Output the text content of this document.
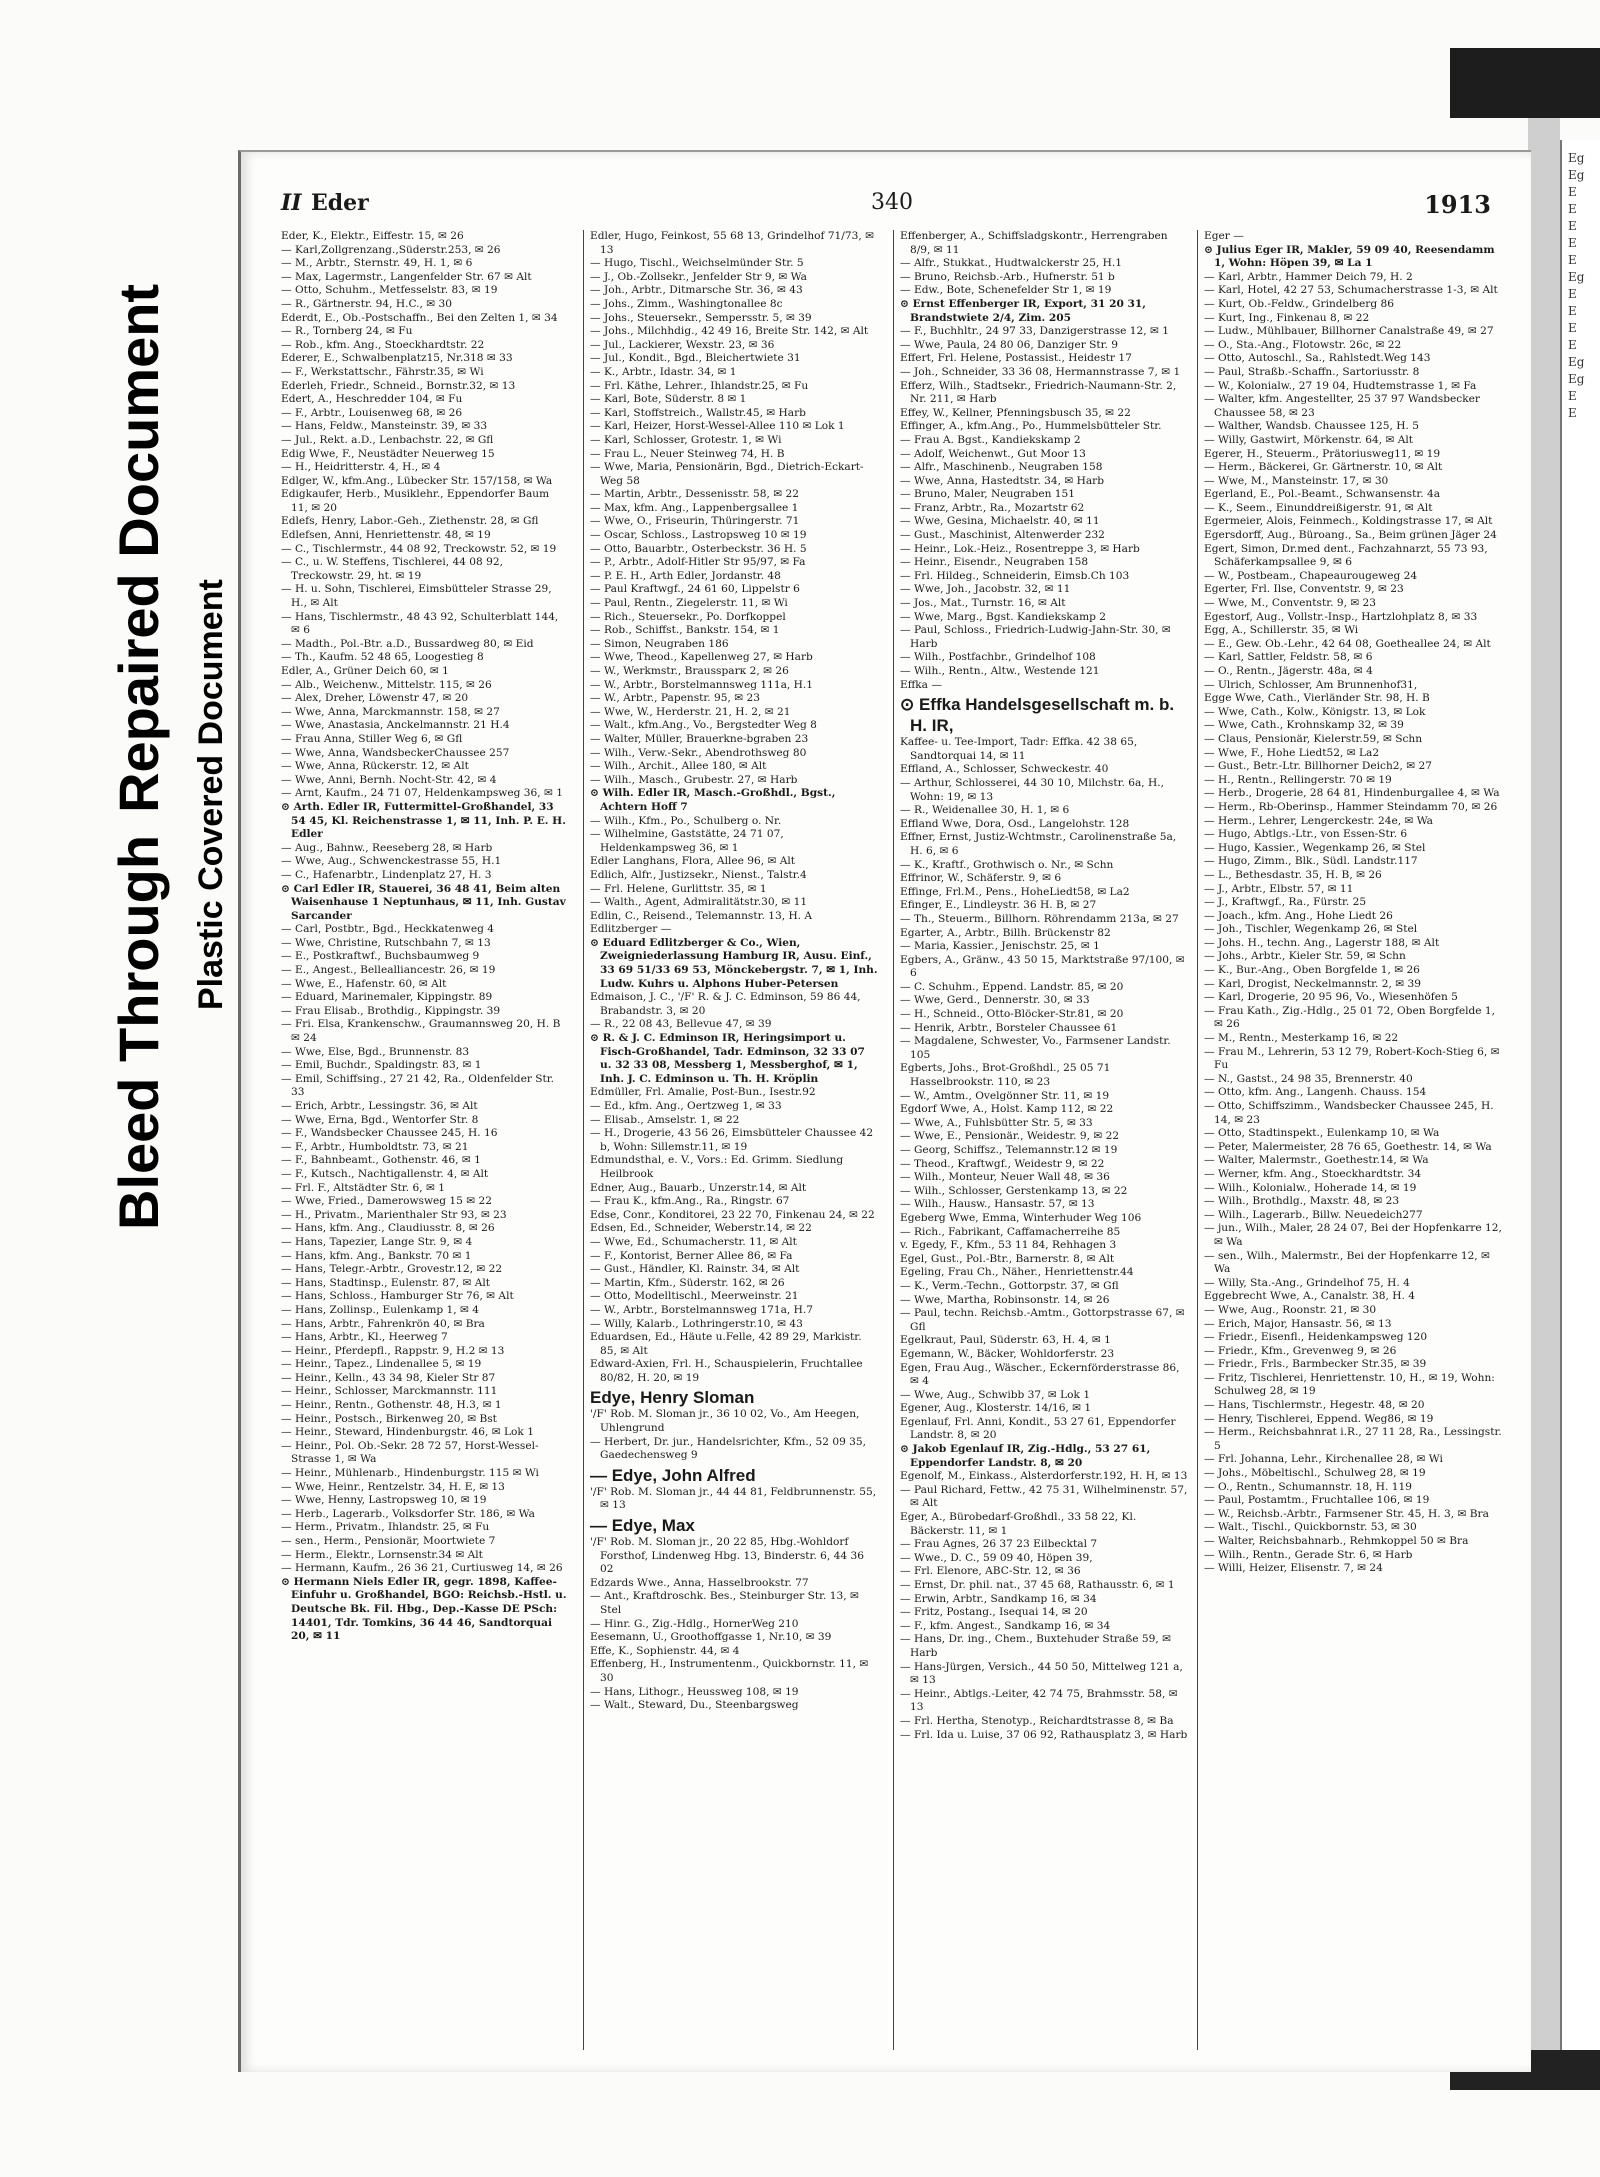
Eg
Eg
E
E
E
E
E
Eg
E
E
E
E
Eg
Eg
E
E
Bleed ThroughRepaired Document Plastic Covered Document
II Eder	340	1913

Eder, K., Elektr., Eiffestr. 15, ✉ 26

— Karl,Zollgrenzang.,Süderstr.253, ✉ 26

— M., Arbtr., Sternstr. 49, H. 1, ✉ 6

— Max, Lagermstr., Langenfelder Str. 67 ✉ Alt

— Otto, Schuhm., Metfesselstr. 83, ✉ 19

— R., Gärtnerstr. 94, H.C., ✉ 30

Ederdt, E., Ob.-Postschaffn., Bei den Zelten 1, ✉ 34

— R., Tornberg 24, ✉ Fu

— Rob., kfm. Ang., Stoeckhardtstr. 22

Ederer, E., Schwalbenplatz15, Nr.318 ✉ 33

— F., Werkstattschr., Fährstr.35, ✉ Wi

Ederleh, Friedr., Schneid., Bornstr.32, ✉ 13

Edert, A., Heschredder 104, ✉ Fu

— F., Arbtr., Louisenweg 68, ✉ 26

— Hans, Feldw., Mansteinstr. 39, ✉ 33

— Jul., Rekt. a.D., Lenbachstr. 22, ✉ Gfl

Edig Wwe, F., Neustädter Neuerweg 15

— H., Heidritterstr. 4, H., ✉ 4

Edlger, W., kfm.Ang., Lübecker Str. 157/158, ✉ Wa

Edigkaufer, Herb., Musiklehr., Eppendorfer Baum 11, ✉ 20

Edlefs, Henry, Labor.-Geh., Ziethenstr. 28, ✉ Gfl

Edlefsen, Anni, Henriettenstr. 48, ✉ 19

— C., Tischlermstr., 44 08 92, Treckowstr. 52, ✉ 19

— C., u. W. Steffens, Tischlerei, 44 08 92, Treckowstr. 29, ht. ✉ 19

— H. u. Sohn, Tischlerei, Eimsbütteler Strasse 29, H., ✉ Alt

— Hans, Tischlermstr., 48 43 92, Schulterblatt 144, ✉ 6

— Madth., Pol.-Btr. a.D., Bussardweg 80, ✉ Eid

— Th., Kaufm. 52 48 65, Loogestieg 8

Edler, A., Grüner Deich 60, ✉ 1

— Alb., Weichenw., Mittelstr. 115, ✉ 26

— Alex, Dreher, Löwenstr 47, ✉ 20

— Wwe, Anna, Marckmannstr. 158, ✉ 27

— Wwe, Anastasia, Anckelmannstr. 21 H.4

— Frau Anna, Stiller Weg 6, ✉ Gfl

— Wwe, Anna, WandsbeckerChaussee 257

— Wwe, Anna, Rückerstr. 12, ✉ Alt

— Wwe, Anni, Bernh. Nocht-Str. 42, ✉ 4

— Arnt, Kaufm., 24 71 07, Heldenkampsweg 36, ✉ 1

⊙ Arth. Edler IR, Futtermittel-Großhandel, 33 54 45, Kl. Reichenstrasse 1, ✉ 11, Inh. P. E. H. Edler

— Aug., Bahnw., Reeseberg 28, ✉ Harb

— Wwe, Aug., Schwenckestrasse 55, H.1

— C., Hafenarbtr., Lindenplatz 27, H. 3

⊙ Carl Edler IR, Stauerei, 36 48 41, Beim alten Waisenhause 1 Neptunhaus, ✉ 11, Inh. Gustav Sarcander

— Carl, Postbtr., Bgd., Heckkatenweg 4

— Wwe, Christine, Rutschbahn 7, ✉ 13

— E., Postkraftwf., Buchsbaumweg 9

— E., Angest., Bellealliancestr. 26, ✉ 19

— Wwe, E., Hafenstr. 60, ✉ Alt

— Eduard, Marinemaler, Kippingstr. 89

— Frau Elisab., Brothdig., Kippingstr. 39

— Fri. Elsa, Krankenschw., Graumannsweg 20, H. B ✉ 24

— Wwe, Else, Bgd., Brunnenstr. 83

— Emil, Buchdr., Spaldingstr. 83, ✉ 1

— Emil, Schiffsing., 27 21 42, Ra., Oldenfelder Str. 33

— Erich, Arbtr., Lessingstr. 36, ✉ Alt

— Wwe, Erna, Bgd., Wentorfer Str. 8

— F., Wandsbecker Chaussee 245, H. 16

— F., Arbtr., Humboldtstr. 73, ✉ 21

— F., Bahnbeamt., Gothenstr. 46, ✉ 1

— F., Kutsch., Nachtigallenstr. 4, ✉ Alt

— Frl. F., Altstädter Str. 6, ✉ 1

— Wwe, Fried., Damerowsweg 15 ✉ 22

— H., Privatm., Marienthaler Str 93, ✉ 23

— Hans, kfm. Ang., Claudiusstr. 8, ✉ 26

— Hans, Tapezier, Lange Str. 9, ✉ 4

— Hans, kfm. Ang., Bankstr. 70 ✉ 1

— Hans, Telegr.-Arbtr., Grovestr.12, ✉ 22

— Hans, Stadtinsp., Eulenstr. 87, ✉ Alt

— Hans, Schloss., Hamburger Str 76, ✉ Alt

— Hans, Zollinsp., Eulenkamp 1, ✉ 4

— Hans, Arbtr., Fahrenkrön 40, ✉ Bra

— Hans, Arbtr., Kl., Heerweg 7

— Heinr., Pferdepfl., Rappstr. 9, H.2 ✉ 13

— Heinr., Tapez., Lindenallee 5, ✉ 19

— Heinr., Kelln., 43 34 98, Kieler Str 87

— Heinr., Schlosser, Marckmannstr. 111

— Heinr., Rentn., Gothenstr. 48, H.3, ✉ 1

— Heinr., Postsch., Birkenweg 20, ✉ Bst

— Heinr., Steward, Hindenburgstr. 46, ✉ Lok 1

— Heinr., Pol. Ob.-Sekr. 28 72 57, Horst-Wessel-Strasse 1, ✉ Wa

— Heinr., Mühlenarb., Hindenburgstr. 115 ✉ Wi

— Wwe, Heinr., Rentzelstr. 34, H. E, ✉ 13

— Wwe, Henny, Lastropsweg 10, ✉ 19

— Herb., Lagerarb., Volksdorfer Str. 186, ✉ Wa

— Herm., Privatm., Ihlandstr. 25, ✉ Fu

— sen., Herm., Pensionär, Moortwiete 7

— Herm., Elektr., Lornsenstr.34 ✉ Alt

— Hermann, Kaufm., 26 36 21, Curtiusweg 14, ✉ 26

⊙ Hermann Niels Edler IR, gegr. 1898, Kaffee-Einfuhr u. Großhandel, BGO: Reichsb.-Hstl. u. Deutsche Bk. Fil. Hbg., Dep.-Kasse DE PSch: 14401, Tdr. Tomkins, 36 44 46, Sandtorquai 20, ✉ 11

Edler, Hugo, Feinkost, 55 68 13, Grindelhof 71/73, ✉ 13

— Hugo, Tischl., Weichselmünder Str. 5

— J., Ob.-Zollsekr., Jenfelder Str 9, ✉ Wa

— Joh., Arbtr., Ditmarsche Str. 36, ✉ 43

— Johs., Zimm., Washingtonallee 8c

— Johs., Steuersekr., Sempersstr. 5, ✉ 39

— Johs., Milchhdig., 42 49 16, Breite Str. 142, ✉ Alt

— Jul., Lackierer, Wexstr. 23, ✉ 36

— Jul., Kondit., Bgd., Bleichertwiete 31

— K., Arbtr., Idastr. 34, ✉ 1

— Frl. Käthe, Lehrer., Ihlandstr.25, ✉ Fu

— Karl, Bote, Süderstr. 8 ✉ 1

— Karl, Stoffstreich., Wallstr.45, ✉ Harb

— Karl, Heizer, Horst-Wessel-Allee 110 ✉ Lok 1

— Karl, Schlosser, Grotestr. 1, ✉ Wi

— Frau L., Neuer Steinweg 74, H. B

— Wwe, Maria, Pensionärin, Bgd., Dietrich-Eckart-Weg 58

— Martin, Arbtr., Dessenisstr. 58, ✉ 22

— Max, kfm. Ang., Lappenbergsallee 1

— Wwe, O., Friseurin, Thüringerstr. 71

— Oscar, Schloss., Lastropsweg 10 ✉ 19

— Otto, Bauarbtr., Osterbeckstr. 36 H. 5

— P., Arbtr., Adolf-Hitler Str 95/97, ✉ Fa

— P. E. H., Arth Edler, Jordanstr. 48

— Paul Kraftwgf., 24 61 60, Lippelstr 6

— Paul, Rentn., Ziegelerstr. 11, ✉ Wi

— Rich., Steuersekr., Po. Dorfkoppel

— Rob., Schiffst., Bankstr. 154, ✉ 1

— Simon, Neugraben 186

— Wwe, Theod., Kapellenweg 27, ✉ Harb

— W., Werkmstr., Braussparк 2, ✉ 26

— W., Arbtr., Borstelmannsweg 111a, H.1

— W., Arbtr., Papenstr. 95, ✉ 23

— Wwe, W., Herderstr. 21, H. 2, ✉ 21

— Walt., kfm.Ang., Vo., Bergstedter Weg 8

— Walter, Müller, Brauerkne-bgraben 23

— Wilh., Verw.-Sekr., Abendrothsweg 80

— Wilh., Archit., Allee 180, ✉ Alt

— Wilh., Masch., Grubestr. 27, ✉ Harb

⊙ Wilh. Edler IR, Masch.-Großhdl., Bgst., Achtern Hoff 7

— Wilh., Kfm., Po., Schulberg o. Nr.

— Wilhelmine, Gaststätte, 24 71 07, Heldenkampsweg 36, ✉ 1

Edler Langhans, Flora, Allee 96, ✉ Alt

Edlich, Alfr., Justizsekr., Nienst., Talstr.4

— Frl. Helene, Gurlittstr. 35, ✉ 1

— Walth., Agent, Admiralitätstr.30, ✉ 11

Edlin, C., Reisend., Telemannstr. 13, H. A

Edlitzberger —

⊙ Eduard Edlitzberger & Co., Wien, Zweigniederlassung Hamburg IR, Ausu. Einf., 33 69 51/33 69 53, Mönckebergstr. 7, ✉ 1, Inh. Ludw. Kuhrs u. Alphons Huber-Petersen

Edmaison, J. C., '/F' R. & J. C. Edminson, 59 86 44, Brabandstr. 3, ✉ 20

— R., 22 08 43, Bellevue 47, ✉ 39

⊙ R. & J. C. Edminson IR, Heringsimport u. Fisch-Großhandel, Tadr. Edminson, 32 33 07 u. 32 33 08, Messberg 1, Messberghof, ✉ 1, Inh. J. C. Edminson u. Th. H. Kröplin

Edmüller, Frl. Amalie, Post-Bun., Isestr.92

— Ed., kfm. Ang., Oertzweg 1, ✉ 33

— Elisab., Amselstr. 1, ✉ 22

— H., Drogerie, 43 56 26, Eimsbütteler Chaussee 42 b, Wohn: Sillemstr.11, ✉ 19

Edmundsthal, e. V., Vors.: Ed. Grimm. Siedlung Heilbrook

Edner, Aug., Bauarb., Unzerstr.14, ✉ Alt

— Frau K., kfm.Ang., Ra., Ringstr. 67

Edse, Conr., Konditorei, 23 22 70, Finkenau 24, ✉ 22

Edsen, Ed., Schneider, Weberstr.14, ✉ 22

— Wwe, Ed., Schumacherstr. 11, ✉ Alt

— F., Kontorist, Berner Allee 86, ✉ Fa

— Gust., Händler, Kl. Rainstr. 34, ✉ Alt

— Martin, Kfm., Süderstr. 162, ✉ 26

— Otto, Modelltischl., Meerweinstr. 21

— W., Arbtr., Borstelmannsweg 171a, H.7

— Willy, Kalarb., Lothringerstr.10, ✉ 43

Eduardsen, Ed., Häute u.Felle, 42 89 29, Markistr. 85, ✉ Alt

Edward-Axien, Frl. H., Schauspielerin, Fruchtallee 80/82, H. 20, ✉ 19

Edye, Henry Sloman

'/F' Rob. M. Sloman jr., 36 10 02, Vo., Am Heegen, Uhlengrund

— Herbert, Dr. jur., Handelsrichter, Kfm., 52 09 35, Gaedechensweg 9

— Edye, John Alfred

'/F' Rob. M. Sloman jr., 44 44 81, Feldbrunnenstr. 55, ✉ 13

— Edye, Max

'/F' Rob. M. Sloman jr., 20 22 85, Hbg.-Wohldorf Forsthof, Lindenweg Hbg. 13, Binderstr. 6, 44 36 02

Edzards Wwe., Anna, Hasselbrookstr. 77

— Ant., Kraftdroschk. Bes., Steinburger Str. 13, ✉ Stel

— Hinr. G., Zig.-Hdlg., HornerWeg 210

Eesemann, U., Groothoffgasse 1, Nr.10, ✉ 39

Effe, K., Sophienstr. 44, ✉ 4

Effenberg, H., Instrumentenm., Quickbornstr. 11, ✉ 30

— Hans, Lithogr., Heussweg 108, ✉ 19

— Walt., Steward, Du., Steenbargsweg

Effenberger, A., Schiffsladgskontr., Herrengraben 8/9, ✉ 11

— Alfr., Stukkat., Hudtwalckerstr 25, H.1

— Bruno, Reichsb.-Arb., Hufnerstr. 51 b

— Edw., Bote, Schenefelder Str 1, ✉ 19

⊙ Ernst Effenberger IR, Export, 31 20 31, Brandstwiete 2/4, Zim. 205

— F., Buchhltr., 24 97 33, Danzigerstrasse 12, ✉ 1

— Wwe, Paula, 24 80 06, Danziger Str. 9

Effert, Frl. Helene, Postassist., Heidestr 17

— Joh., Schneider, 33 36 08, Hermannstrasse 7, ✉ 1

Efferz, Wilh., Stadtsekr., Friedrich-Naumann-Str. 2, Nr. 211, ✉ Harb

Effey, W., Kellner, Pfenningsbusch 35, ✉ 22

Effinger, A., kfm.Ang., Po., Hummelsbütteler Str.

— Frau A. Bgst., Kandiekskamp 2

— Adolf, Weichenwt., Gut Moor 13

— Alfr., Maschinenb., Neugraben 158

— Wwe, Anna, Hastedtstr. 34, ✉ Harb

— Bruno, Maler, Neugraben 151

— Franz, Arbtr., Ra., Mozartstr 62

— Wwe, Gesina, Michaelstr. 40, ✉ 11

— Gust., Maschinist, Altenwerder 232

— Heinr., Lok.-Heiz., Rosentreppe 3, ✉ Harb

— Heinr., Eisendr., Neugraben 158

— Frl. Hildeg., Schneiderin, Eimsb.Ch 103

— Wwe, Joh., Jacobstr. 32, ✉ 11

— Jos., Mat., Turnstr. 16, ✉ Alt

— Wwe, Marg., Bgst. Kandiekskamp 2

— Paul, Schloss., Friedrich-Ludwig-Jahn-Str. 30, ✉ Harb

— Wilh., Postfachbr., Grindelhof 108

— Wilh., Rentn., Altw., Westende 121

Effka —

⊙ Effka Handelsgesellschaft m. b. H. IR,

Kaffee- u. Tee-Import, Tadr: Effka. 42 38 65, Sandtorquai 14, ✉ 11

Effland, A., Schlosser, Schweckestr. 40

— Arthur, Schlosserei, 44 30 10, Milchstr. 6a, H., Wohn: 19, ✉ 13

— R., Weidenallee 30, H. 1, ✉ 6

Effland Wwe, Dora, Osd., Langelohstr. 128

Effner, Ernst, Justiz-Wchtmstr., Carolinenstraße 5a, H. 6, ✉ 6

— K., Kraftf., Grothwisch o. Nr., ✉ Schn

Effrinor, W., Schäferstr. 9, ✉ 6

Effinge, Frl.M., Pens., HoheLiedt58, ✉ La2

Efinger, E., Lindleystr. 36 H. B, ✉ 27

— Th., Steuerm., Billhorn. Röhrendamm 213a, ✉ 27

Egarter, A., Arbtr., Billh. Brückenstr 82

— Maria, Kassier., Jenischstr. 25, ✉ 1

Egbers, A., Gränw., 43 50 15, Marktstraße 97/100, ✉ 6

— C. Schuhm., Eppend. Landstr. 85, ✉ 20

— Wwe, Gerd., Dennerstr. 30, ✉ 33

— H., Schneid., Otto-Blöcker-Str.81, ✉ 20

— Henrik, Arbtr., Borsteler Chaussee 61

— Magdalene, Schwester, Vo., Farmsener Landstr. 105

Egberts, Johs., Brot-Großhdl., 25 05 71 Hasselbrookstr. 110, ✉ 23

— W., Amtm., Ovelgönner Str. 11, ✉ 19

Egdorf Wwe, A., Holst. Kamp 112, ✉ 22

— Wwe, A., Fuhlsbütter Str. 5, ✉ 33

— Wwe, E., Pensionär., Weidestr. 9, ✉ 22

— Georg, Schiffsz., Telemannstr.12 ✉ 19

— Theod., Kraftwgf., Weidestr 9, ✉ 22

— Wilh., Monteur, Neuer Wall 48, ✉ 36

— Wilh., Schlosser, Gerstenkamp 13, ✉ 22

— Wilh., Hausw., Hansastr. 57, ✉ 13

Egeberg Wwe, Emma, Winterhuder Weg 106

— Rich., Fabrikant, Caffamacherreihe 85

v. Egedy, F., Kfm., 53 11 84, Rehhagen 3

Egel, Gust., Pol.-Btr., Barnerstr. 8, ✉ Alt

Egeling, Frau Ch., Näher., Henriettenstr.44

— K., Verm.-Techn., Gottorpstr. 37, ✉ Gfl

— Wwe, Martha, Robinsonstr. 14, ✉ 26

— Paul, techn. Reichsb.-Amtm., Gottorpstrasse 67, ✉ Gfl

Egelkraut, Paul, Süderstr. 63, H. 4, ✉ 1

Egemann, W., Bäcker, Wohldorferstr. 23

Egen, Frau Aug., Wäscher., Eckernförderstrasse 86, ✉ 4

— Wwe, Aug., Schwibb 37, ✉ Lok 1

Egener, Aug., Klosterstr. 14/16, ✉ 1

Egenlauf, Frl. Anni, Kondit., 53 27 61, Eppendorfer Landstr. 8, ✉ 20

⊙ Jakob Egenlauf IR, Zig.-Hdlg., 53 27 61, Eppendorfer Landstr. 8, ✉ 20

Egenolf, M., Einkass., Alsterdorferstr.192, H. H, ✉ 13

— Paul Richard, Fettw., 42 75 31, Wilhelminenstr. 57, ✉ Alt

Eger, A., Bürobedarf-Großhdl., 33 58 22, Kl. Bäckerstr. 11, ✉ 1

— Frau Agnes, 26 37 23 Eilbecktal 7

— Wwe., D. C., 59 09 40, Höpen 39,

— Frl. Elenore, ABC-Str. 12, ✉ 36

— Ernst, Dr. phil. nat., 37 45 68, Rathausstr. 6, ✉ 1

— Erwin, Arbtr., Sandkamp 16, ✉ 34

— Fritz, Postang., Isequai 14, ✉ 20

— F., kfm. Angest., Sandkamp 16, ✉ 34

— Hans, Dr. ing., Chem., Buxtehuder Straße 59, ✉ Harb

— Hans-Jürgen, Versich., 44 50 50, Mittelweg 121 a, ✉ 13

— Heinr., Abtlgs.-Leiter, 42 74 75, Brahmsstr. 58, ✉ 13

— Frl. Hertha, Stenotyp., Reichardtstrasse 8, ✉ Ba

— Frl. Ida u. Luise, 37 06 92, Rathausplatz 3, ✉ Harb

Eger —

⊙ Julius Eger IR, Makler, 59 09 40, Reesendamm 1, Wohn: Höpen 39, ✉ La 1

— Karl, Arbtr., Hammer Deich 79, H. 2

— Karl, Hotel, 42 27 53, Schumacherstrasse 1-3, ✉ Alt

— Kurt, Ob.-Feldw., Grindelberg 86

— Kurt, Ing., Finkenau 8, ✉ 22

— Ludw., Mühlbauer, Billhorner Canalstraße 49, ✉ 27

— O., Sta.-Ang., Flotowstr. 26c, ✉ 22

— Otto, Autoschl., Sa., Rahlstedt.Weg 143

— Paul, Straßb.-Schaffn., Sartoriusstr. 8

— W., Kolonialw., 27 19 04, Hudtemstrasse 1, ✉ Fa

— Walter, kfm. Angestellter, 25 37 97 Wandsbecker Chaussee 58, ✉ 23

— Walther, Wandsb. Chaussee 125, H. 5

— Willy, Gastwirt, Mörkenstr. 64, ✉ Alt

Egerer, H., Steuerm., Prätoriusweg11, ✉ 19

— Herm., Bäckerei, Gr. Gärtnerstr. 10, ✉ Alt

— Wwe, M., Mansteinstr. 17, ✉ 30

Egerland, E., Pol.-Beamt., Schwansenstr. 4a

— K., Seem., Einunddreißigerstr. 91, ✉ Alt

Egermeier, Alois, Feinmech., Koldingstrasse 17, ✉ Alt

Egersdorff, Aug., Büroang., Sa., Beim grünen Jäger 24

Egert, Simon, Dr.med dent., Fachzahnarzt, 55 73 93, Schäferkampsallee 9, ✉ 6

— W., Postbeam., Chapeaurougeweg 24

Egerter, Frl. Ilse, Conventstr. 9, ✉ 23

— Wwe, M., Conventstr. 9, ✉ 23

Egestorf, Aug., Vollstr.-Insp., Hartzlohplatz 8, ✉ 33

Egg, A., Schillerstr. 35, ✉ Wi

— E., Gew. Ob.-Lehr., 42 64 08, Goetheallee 24, ✉ Alt

— Karl, Sattler, Feldstr. 58, ✉ 6

— O., Rentn., Jägerstr. 48a, ✉ 4

— Ulrich, Schlosser, Am Brunnenhof31,

Egge Wwe, Cath., Vierländer Str. 98, H. B

— Wwe, Cath., Kolw., Königstr. 13, ✉ Lok

— Wwe, Cath., Krohnskamp 32, ✉ 39

— Claus, Pensionär, Kielerstr.59, ✉ Schn

— Wwe, F., Hohe Liedt52, ✉ La2

— Gust., Betr.-Ltr. Billhorner Deich2, ✉ 27

— H., Rentn., Rellingerstr. 70 ✉ 19

— Herb., Drogerie, 28 64 81, Hindenburgallee 4, ✉ Wa

— Herm., Rb-Oberinsp., Hammer Steindamm 70, ✉ 26

— Herm., Lehrer, Lengerckestr. 24e, ✉ Wa

— Hugo, Abtlgs.-Ltr., von Essen-Str. 6

— Hugo, Kassier., Wegenkamp 26, ✉ Stel

— Hugo, Zimm., Blk., Südl. Landstr.117

— L., Bethesdastr. 35, H. B, ✉ 26

— J., Arbtr., Elbstr. 57, ✉ 11

— J., Kraftwgf., Ra., Fürstr. 25

— Joach., kfm. Ang., Hohe Liedt 26

— Joh., Tischler, Wegenkamp 26, ✉ Stel

— Johs. H., techn. Ang., Lagerstr 188, ✉ Alt

— Johs., Arbtr., Kieler Str. 59, ✉ Schn

— K., Bur.-Ang., Oben Borgfelde 1, ✉ 26

— Karl, Drogist, Neckelmannstr. 2, ✉ 39

— Karl, Drogerie, 20 95 96, Vo., Wiesenhöfen 5

— Frau Kath., Zig.-Hdlg., 25 01 72, Oben Borgfelde 1, ✉ 26

— M., Rentn., Mesterkamp 16, ✉ 22

— Frau M., Lehrerin, 53 12 79, Robert-Koch-Stieg 6, ✉ Fu

— N., Gastst., 24 98 35, Brennerstr. 40

— Otto, kfm. Ang., Langenh. Chauss. 154

— Otto, Schiffszimm., Wandsbecker Chaussee 245, H. 14, ✉ 23

— Otto, Stadtinspekt., Eulenkamp 10, ✉ Wa

— Peter, Malermeister, 28 76 65, Goethestr. 14, ✉ Wa

— Walter, Malermstr., Goethestr.14, ✉ Wa

— Werner, kfm. Ang., Stoeckhardtstr. 34

— Wilh., Kolonialw., Hoheradе 14, ✉ 19

— Wilh., Brothdlg., Maxstr. 48, ✉ 23

— Wilh., Lagerarb., Billw. Neuedeich277

— jun., Wilh., Maler, 28 24 07, Bei der Hopfenkarre 12, ✉ Wa

— sen., Wilh., Malermstr., Bei der Hopfenkarre 12, ✉ Wa

— Willy, Sta.-Ang., Grindelhof 75, H. 4

Eggebrecht Wwe, A., Canalstr. 38, H. 4

— Wwe, Aug., Roonstr. 21, ✉ 30

— Erich, Major, Hansastr. 56, ✉ 13

— Friedr., Eisenfl., Heidenkampsweg 120

— Friedr., Kfm., Grevenweg 9, ✉ 26

— Friedr., Frls., Barmbecker Str.35, ✉ 39

— Fritz, Tischlerei, Henriettenstr. 10, H., ✉ 19, Wohn: Schulweg 28, ✉ 19

— Hans, Tischlermstr., Hegestr. 48, ✉ 20

— Henry, Tischlerei, Eppend. Weg86, ✉ 19

— Herm., Reichsbahnrat i.R., 27 11 28, Ra., Lessingstr. 5

— Frl. Johanna, Lehr., Kirchenallee 28, ✉ Wi

— Johs., Möbeltischl., Schulweg 28, ✉ 19

— O., Rentn., Schumannstr. 18, H. 119

— Paul, Postamtm., Fruchtallee 106, ✉ 19

— W., Reichsb.-Arbtr., Farmsener Str. 45, H. 3, ✉ Bra

— Walt., Tischl., Quickbornstr. 53, ✉ 30

— Walter, Reichsbahnarb., Rehmkoppel 50 ✉ Bra

— Wilh., Rentn., Gerade Str. 6, ✉ Harb

— Willi, Heizer, Elisenstr. 7, ✉ 24
